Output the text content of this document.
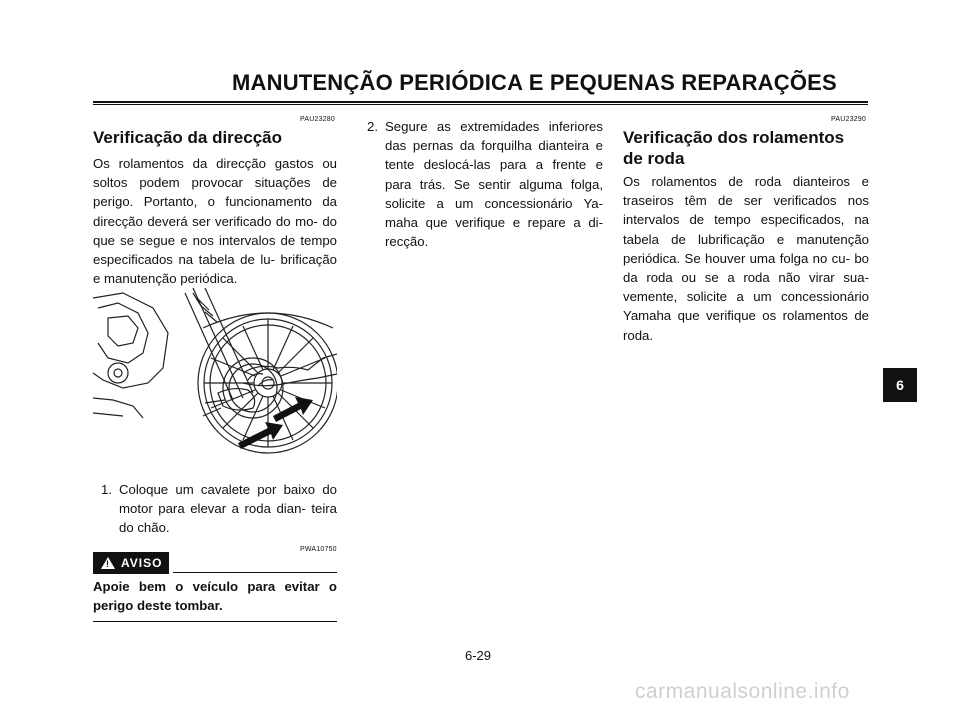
MANUTENÇÃO PERIÓDICA E PEQUENAS REPARAÇÕES
PAU23280
Verificação da direcção
Os rolamentos da direcção gastos ou soltos podem provocar situações de perigo. Portanto, o funcionamento da direcção deverá ser verificado do mo- do que se segue e nos intervalos de tempo especificados na tabela de lu- brificação e manutenção periódica.
1. Coloque um cavalete por baixo do motor para elevar a roda dian- teira do chão.
PWA10750
! AVISO
Apoie bem o veículo para evitar o perigo deste tombar.
2. Segure as extremidades inferiores das pernas da forquilha dianteira e tente deslocá-las para a frente e para trás. Se sentir alguma folga, solicite a um concessionário Ya- maha que verifique e repare a di- recção.
PAU23290
Verificação dos rolamentos
de roda
Os rolamentos de roda dianteiros e traseiros têm de ser verificados nos intervalos de tempo especificados, na tabela de lubrificação e manutenção periódica. Se houver uma folga no cu- bo da roda ou se a roda não virar sua- vemente, solicite a um concessionário Yamaha que verifique os rolamentos de roda.
6-29
6
carmanualsonline.info
